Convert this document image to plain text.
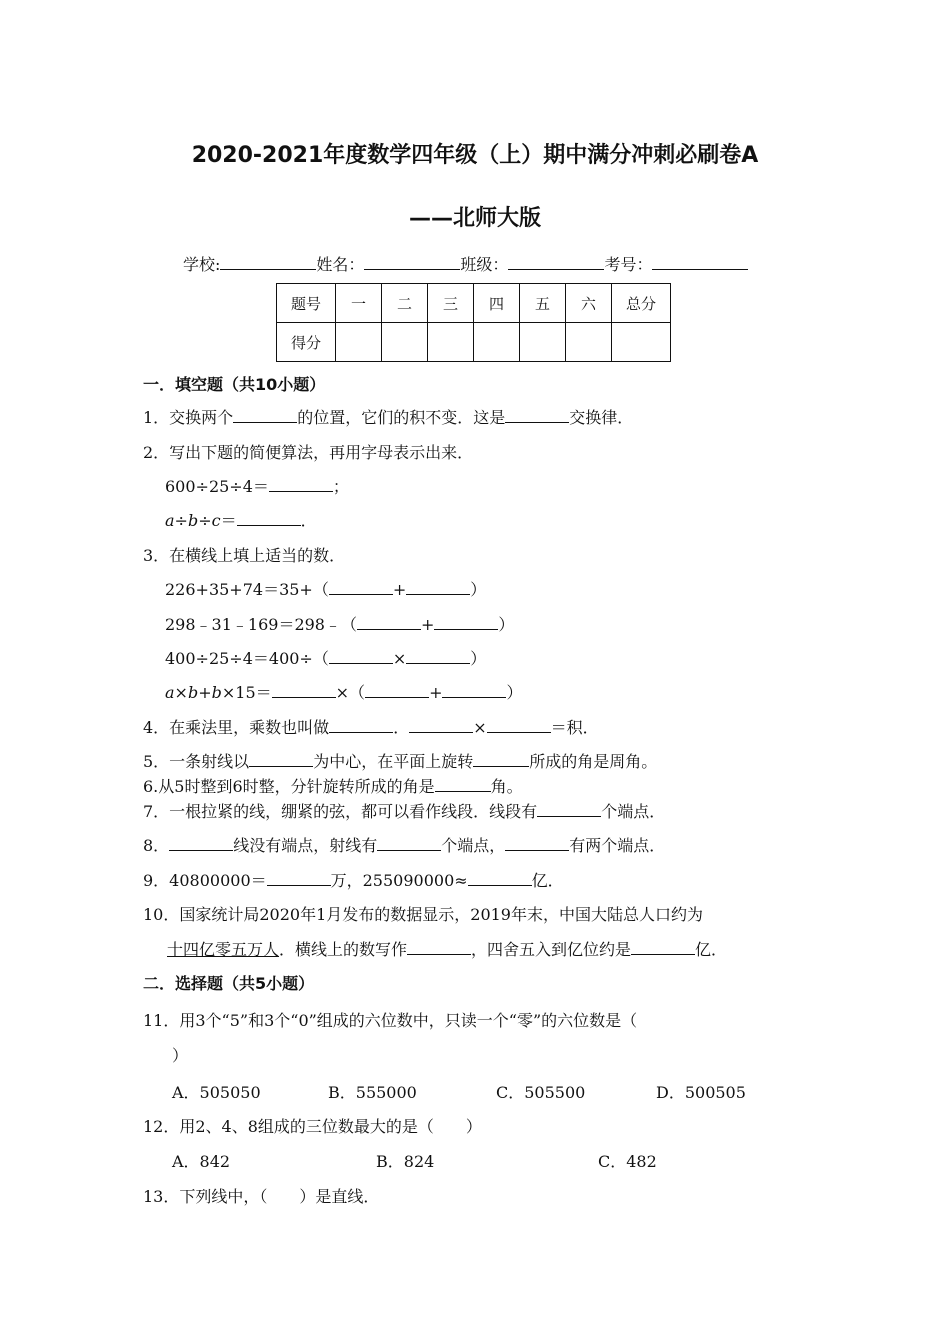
2020-2021年度数学四年级（上）期中满分冲刺必刷卷A
——北师大版
学校:	姓名：	班级：	考号：
题号	一	二	三	四	五	六	总分
得分							
一．填空题（共10小题）
1．交换两个	的位置，它们的积不变．这是	交换律．
2．写出下题的简便算法，再用字母表示出来．
600÷25÷4＝	；
a÷b÷c＝	．
3．在横线上填上适当的数．
226+35+74＝35+（	+	）
298﹣31﹣169＝298﹣（	+	）
400÷25÷4＝400÷（	×	）
a×b+b×15＝	×（	+	）
4．在乘法里，乘数也叫做	．	×	＝积．
5．一条射线以	为中心，在平面上旋转	所成的角是周角。
6.从5时整到6时整，分针旋转所成的角是	角。
7．一根拉紧的线，绷紧的弦，都可以看作线段．线段有	个端点．
8．	线没有端点，射线有	个端点，	有两个端点．
9．40800000＝	万，255090000≈	亿．
10．国家统计局2020年1月发布的数据显示，2019年末，中国大陆总人口约为
十四亿零五万人．横线上的数写作	，四舍五入到亿位约是	亿．
二．选择题（共5小题）
11．用3个“5”和3个“0”组成的六位数中，只读一个“零”的六位数是（
）
A．505050	B．555000	C．505500	D．500505
12．用2、4、8组成的三位数最大的是（　　）
A．842	B．824	C．482
13．下列线中，（　　）是直线．
